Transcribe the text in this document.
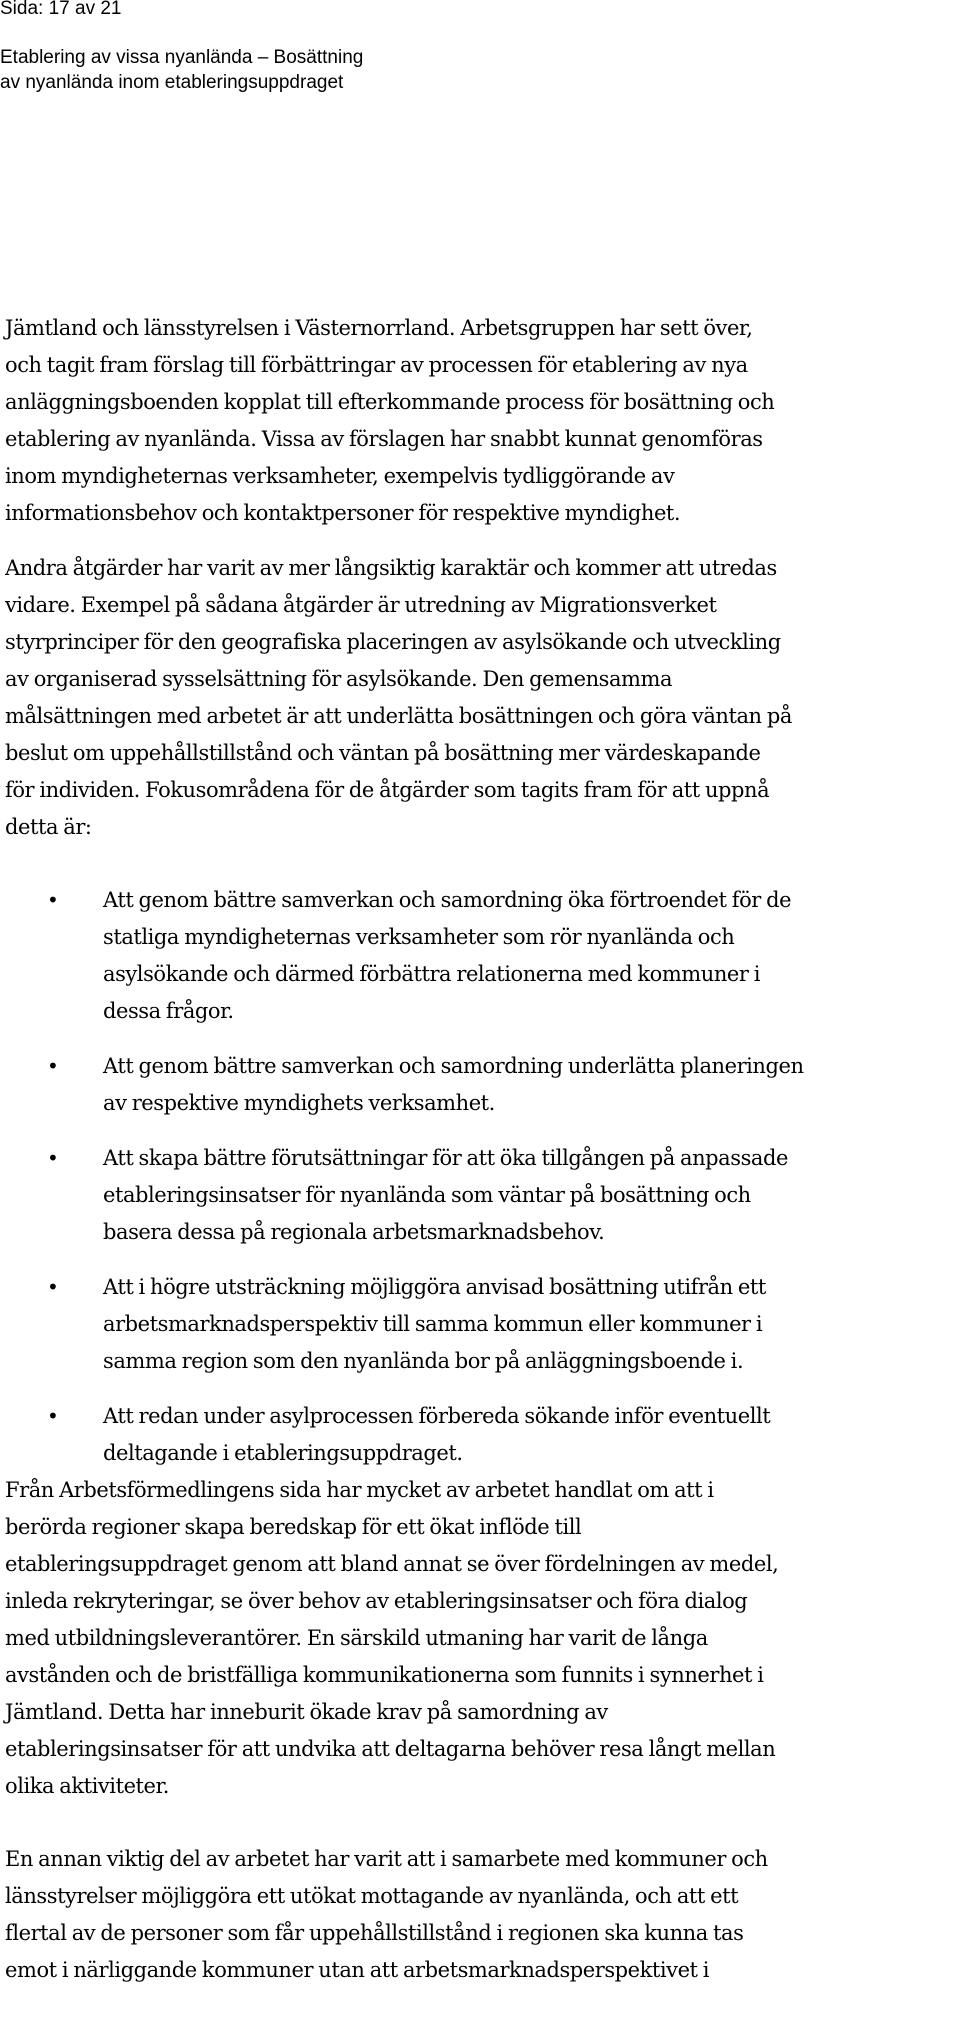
Sida: 17 av 21
Etablering av vissa nyanlända – Bosättning
av nyanlända inom etableringsuppdraget
Jämtland och länsstyrelsen i Västernorrland. Arbetsgruppen har sett över,
och tagit fram förslag till förbättringar av processen för etablering av nya
anläggningsboenden kopplat till efterkommande process för bosättning och
etablering av nyanlända. Vissa av förslagen har snabbt kunnat genomföras
inom myndigheternas verksamheter, exempelvis tydliggörande av
informationsbehov och kontaktpersoner för respektive myndighet.
Andra åtgärder har varit av mer långsiktig karaktär och kommer att utredas
vidare. Exempel på sådana åtgärder är utredning av Migrationsverket
styrprinciper för den geografiska placeringen av asylsökande och utveckling
av organiserad sysselsättning för asylsökande. Den gemensamma
målsättningen med arbetet är att underlätta bosättningen och göra väntan på
beslut om uppehållstillstånd och väntan på bosättning mer värdeskapande
för individen. Fokusområdena för de åtgärder som tagits fram för att uppnå
detta är:
• Att genom bättre samverkan och samordning öka förtroendet för de
statliga myndigheternas verksamheter som rör nyanlända och
asylsökande och därmed förbättra relationerna med kommuner i
dessa frågor.
• Att genom bättre samverkan och samordning underlätta planeringen
av respektive myndighets verksamhet.
• Att skapa bättre förutsättningar för att öka tillgången på anpassade
etableringsinsatser för nyanlända som väntar på bosättning och
basera dessa på regionala arbetsmarknadsbehov.
• Att i högre utsträckning möjliggöra anvisad bosättning utifrån ett
arbetsmarknadsperspektiv till samma kommun eller kommuner i
samma region som den nyanlända bor på anläggningsboende i.
• Att redan under asylprocessen förbereda sökande inför eventuellt
deltagande i etableringsuppdraget.
Från Arbetsförmedlingens sida har mycket av arbetet handlat om att i
berörda regioner skapa beredskap för ett ökat inflöde till
etableringsuppdraget genom att bland annat se över fördelningen av medel,
inleda rekryteringar, se över behov av etableringsinsatser och föra dialog
med utbildningsleverantörer. En särskild utmaning har varit de långa
avstånden och de bristfälliga kommunikationerna som funnits i synnerhet i
Jämtland. Detta har inneburit ökade krav på samordning av
etableringsinsatser för att undvika att deltagarna behöver resa långt mellan
olika aktiviteter.
En annan viktig del av arbetet har varit att i samarbete med kommuner och
länsstyrelser möjliggöra ett utökat mottagande av nyanlända, och att ett
flertal av de personer som får uppehållstillstånd i regionen ska kunna tas
emot i närliggande kommuner utan att arbetsmarknadsperspektivet i
